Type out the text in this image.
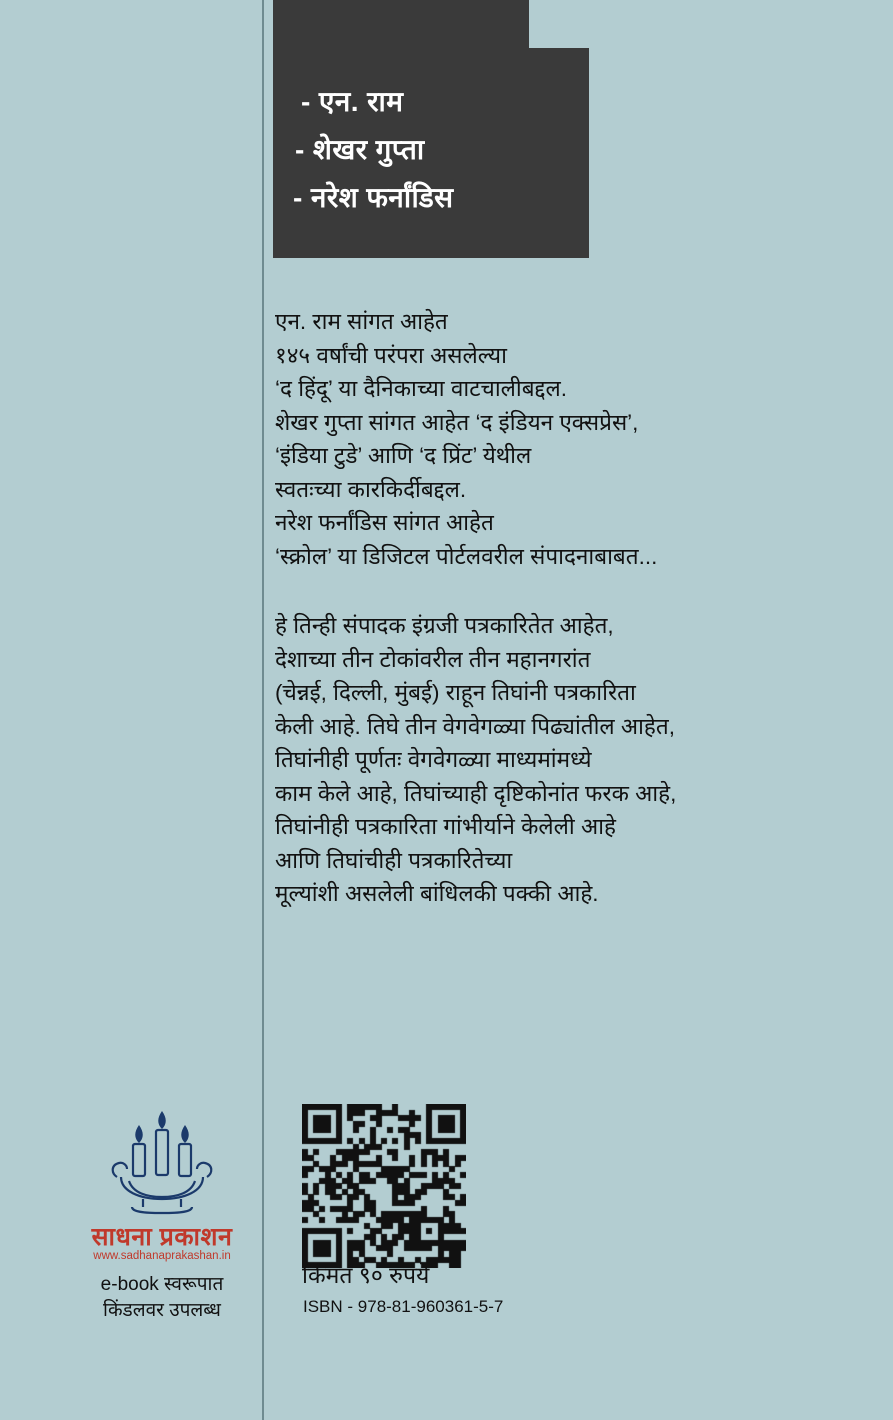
- एन. राम
- शेखर गुप्ता
- नरेश फर्नांडिस
एन. राम सांगत आहेत
१४५ वर्षांची परंपरा असलेल्या
‘द हिंदू’ या दैनिकाच्या वाटचालीबद्दल.
शेखर गुप्ता सांगत आहेत ‘द इंडियन एक्सप्रेस’,
‘इंडिया टुडे’ आणि ‘द प्रिंट’ येथील
स्वतःच्या कारकिर्दीबद्दल.
नरेश फर्नांडिस सांगत आहेत
‘स्क्रोल’ या डिजिटल पोर्टलवरील संपादनाबाबत...
हे तिन्ही संपादक इंग्रजी पत्रकारितेत आहेत,
देशाच्या तीन टोकांवरील तीन महानगरांत
(चेन्नई, दिल्ली, मुंबई) राहून तिघांनी पत्रकारिता
केली आहे. तिघे तीन वेगवेगळ्या पिढ्यांतील आहेत,
तिघांनीही पूर्णतः वेगवेगळ्या माध्यमांमध्ये
काम केले आहे, तिघांच्याही दृष्टिकोनांत फरक आहे,
तिघांनीही पत्रकारिता गांभीर्याने केलेली आहे
आणि तिघांचीही पत्रकारितेच्या
मूल्यांशी असलेली बांधिलकी पक्की आहे.
साधना प्रकाशन
www.sadhanaprakashan.in
e-book स्वरूपात
किंडलवर उपलब्ध
किंमत ९० रुपये
ISBN - 978-81-960361-5-7
